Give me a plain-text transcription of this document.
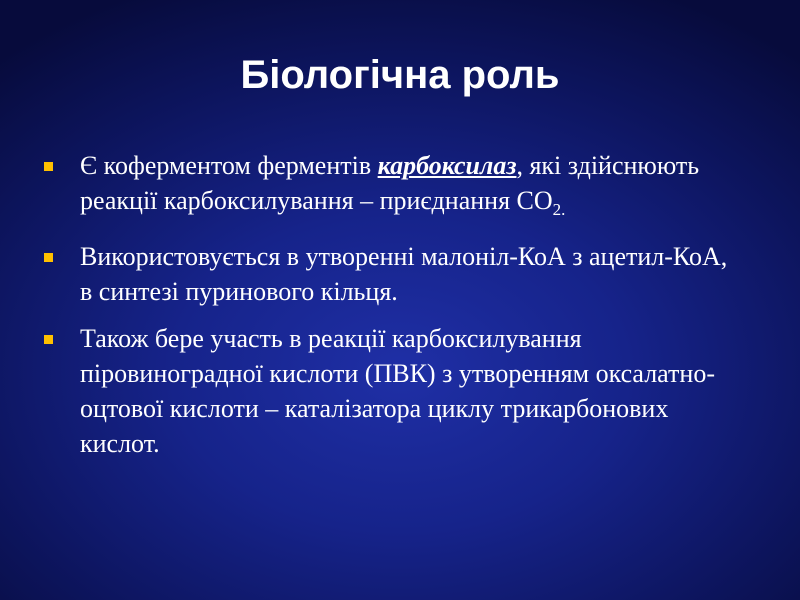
Біологічна роль
Є коферментом ферментів карбоксилаз, які здійснюють реакції карбоксилування – приєднання $СО_{2.}$
Використовується в утворенні малоніл-КоА з ацетил-КоА, в синтезі пуринового кільця.
Також бере участь в реакції карбоксилування піровиноградної кислоти (ПВК) з утворенням оксалатно-оцтової кислоти – каталізатора циклу трикарбонових кислот.
